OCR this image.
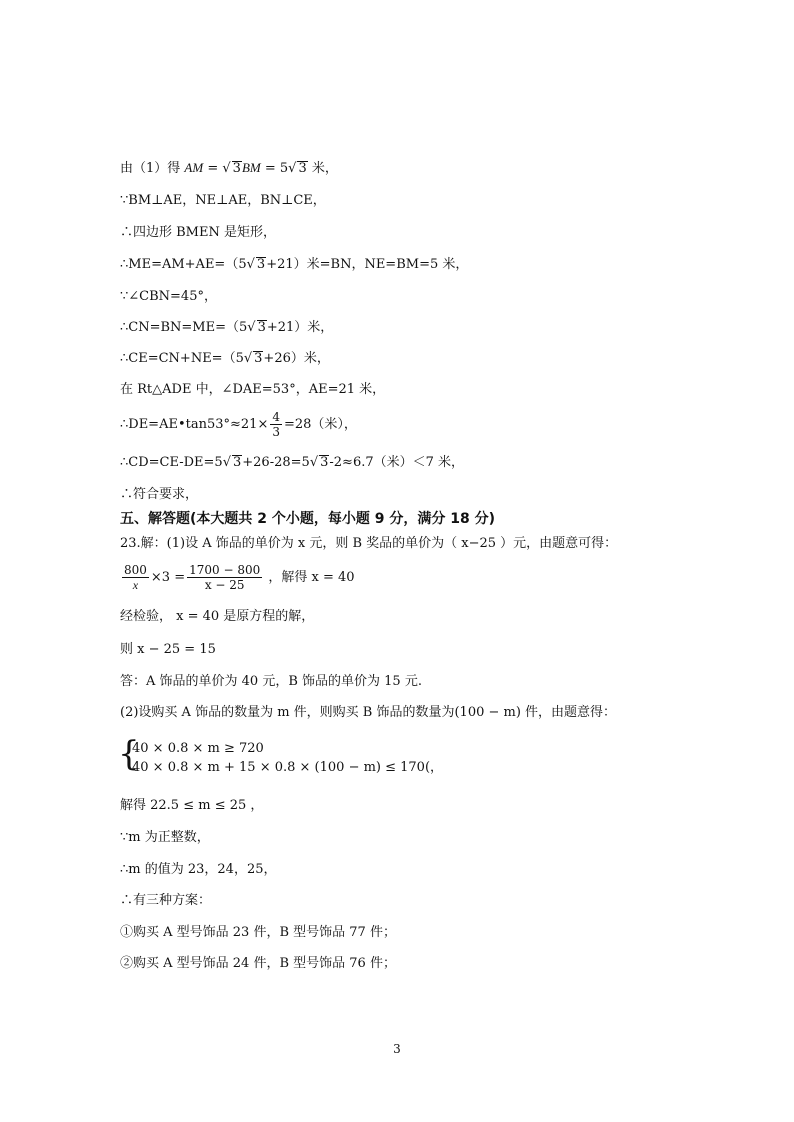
由（1）得 AM = √ 3BM = 5√ 3 米，
∵BM⊥AE，NE⊥AE，BN⊥CE，
∴四边形 BMEN 是矩形，
∴ME=AM+AE=（5√ 3+21）米=BN，NE=BM=5 米，
∵∠CBN=45°，
∴CN=BN=ME=（5√ 3+21）米，
∴CE=CN+NE=（5√ 3+26）米，
在 Rt△ADE 中，∠DAE=53°，AE=21 米，
∴DE=AE•tan53°≈21× $\frac{4}{3} =28$（米），
∴CD=CE-DE=5√ 3+26-28=5√ 3-2≈6.7（米）＜7 米，
∴符合要求，
五、解答题(本大题共 2 个小题，每小题 9 分，满分 18 分)
23.解：(1)设 A 饰品的单价为 x 元，则 B 奖品的单价为（ x−25 ）元，由题意可得：
$\frac{800}{x} \times 3 = \frac{1700 - 800}{x - 25}$ ，解得 x = 40
经检验， x = 40 是原方程的解，
则 x − 25 = 15
答：A 饰品的单价为 40 元，B 饰品的单价为 15 元.
(2)设购买 A 饰品的数量为 m 件，则购买 B 饰品的数量为(100 − m) 件，由题意得：
{
40 × 0.8 × m ≥ 720
40 × 0.8 × m + 15 × 0.8 × (100 − m) ≤ 170(，
解得 22.5 ≤ m ≤ 25 ，
∵m 为正整数，
∴m 的值为 23，24，25，
∴有三种方案：
①购买 A 型号饰品 23 件，B 型号饰品 77 件；
②购买 A 型号饰品 24 件，B 型号饰品 76 件；
3
